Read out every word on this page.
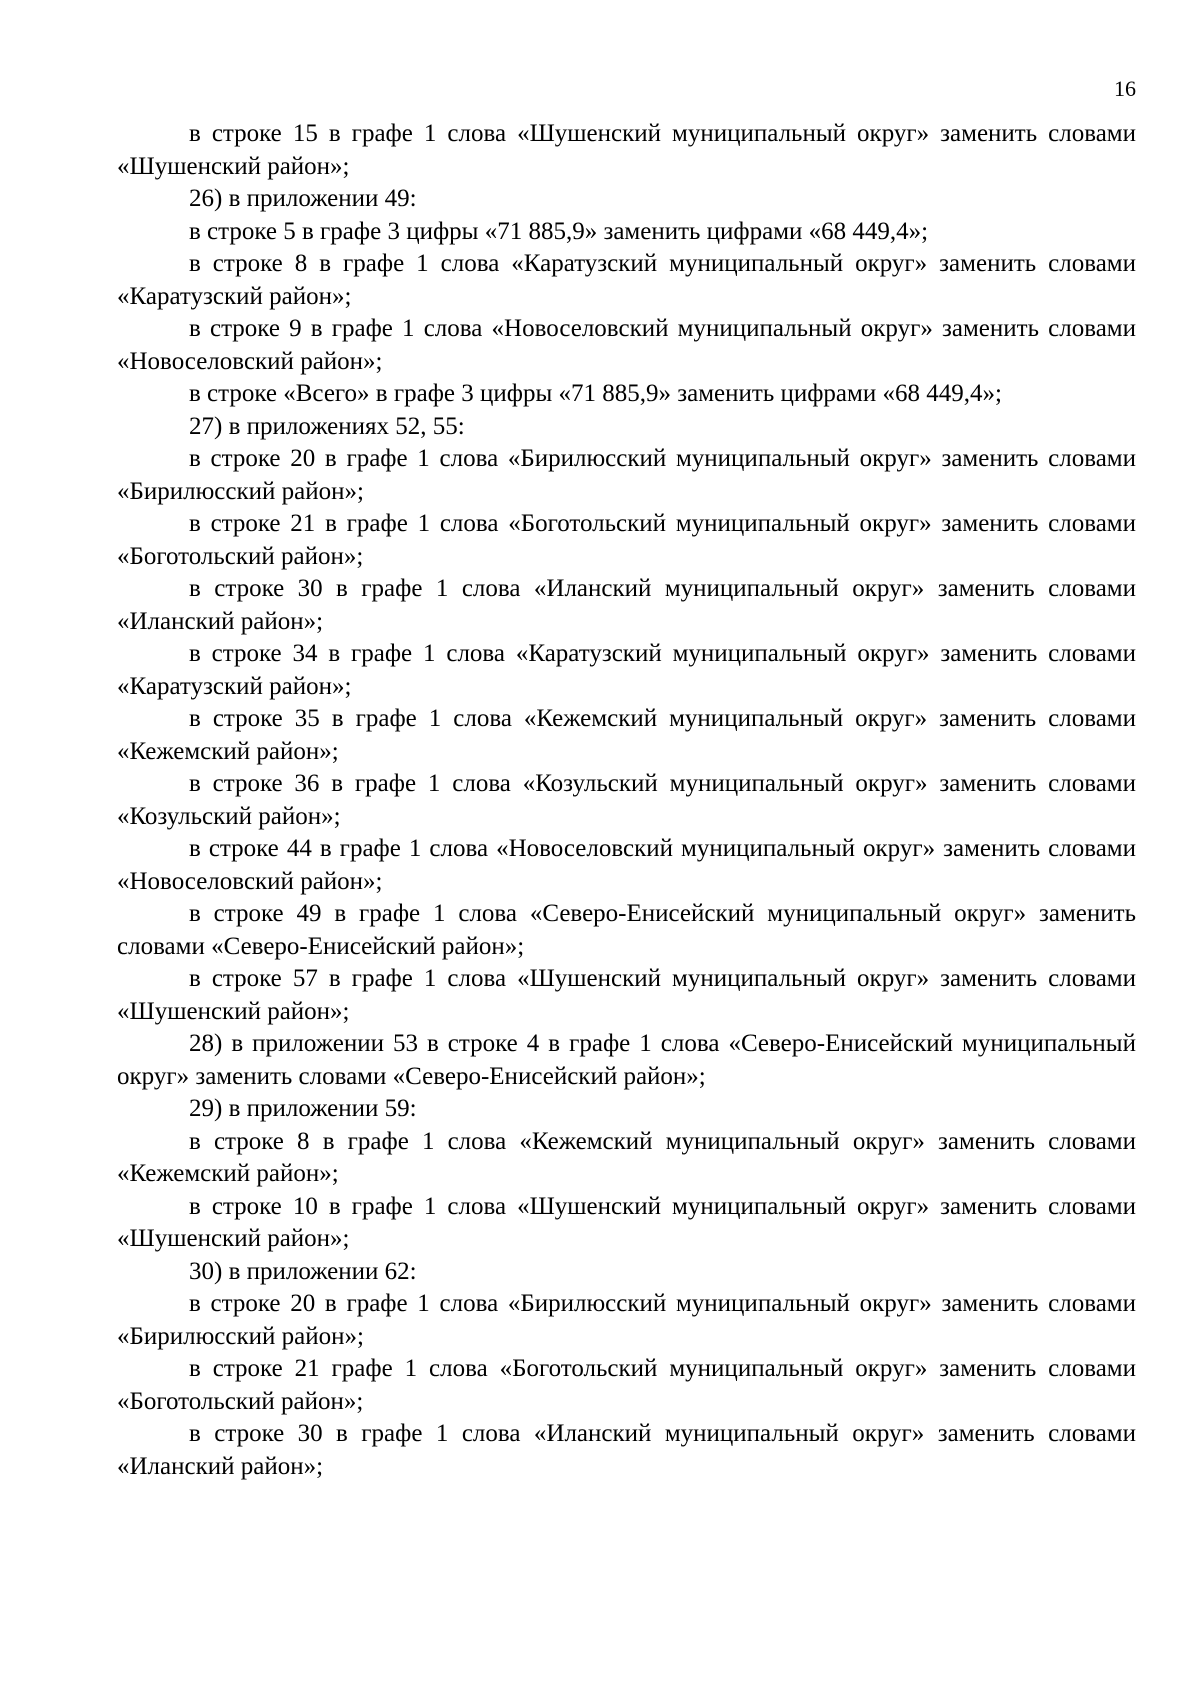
16

в строке 15 в графе 1 слова «Шушенский муниципальный округ» заменить словами «Шушенский район»;

26) в приложении 49:

в строке 5 в графе 3 цифры «71 885,9» заменить цифрами «68 449,4»;

в строке 8 в графе 1 слова «Каратузский муниципальный округ» заменить словами «Каратузский район»;

в строке 9 в графе 1 слова «Новоселовский муниципальный округ» заменить словами «Новоселовский район»;

в строке «Всего» в графе 3 цифры «71 885,9» заменить цифрами «68 449,4»;

27) в приложениях 52, 55:

в строке 20 в графе 1 слова «Бирилюсский муниципальный округ» заменить словами «Бирилюсский район»;

в строке 21 в графе 1 слова «Боготольский муниципальный округ» заменить словами «Боготольский район»;

в строке 30 в графе 1 слова «Иланский муниципальный округ» заменить словами «Иланский район»;

в строке 34 в графе 1 слова «Каратузский муниципальный округ» заменить словами «Каратузский район»;

в строке 35 в графе 1 слова «Кежемский муниципальный округ» заменить словами «Кежемский район»;

в строке 36 в графе 1 слова «Козульский муниципальный округ» заменить словами «Козульский район»;

в строке 44 в графе 1 слова «Новоселовский муниципальный округ» заменить словами «Новоселовский район»;

в строке 49 в графе 1 слова «Северо-Енисейский муниципальный округ» заменить словами «Северо-Енисейский район»;

в строке 57 в графе 1 слова «Шушенский муниципальный округ» заменить словами «Шушенский район»;

28) в приложении 53 в строке 4 в графе 1 слова «Северо-Енисейский муниципальный округ» заменить словами «Северо-Енисейский район»;

29) в приложении 59:

в строке 8 в графе 1 слова «Кежемский муниципальный округ» заменить словами «Кежемский район»;

в строке 10 в графе 1 слова «Шушенский муниципальный округ» заменить словами «Шушенский район»;

30) в приложении 62:

в строке 20 в графе 1 слова «Бирилюсский муниципальный округ» заменить словами «Бирилюсский район»;

в строке 21 графе 1 слова «Боготольский муниципальный округ» заменить словами «Боготольский район»;

в строке 30 в графе 1 слова «Иланский муниципальный округ» заменить словами «Иланский район»;
